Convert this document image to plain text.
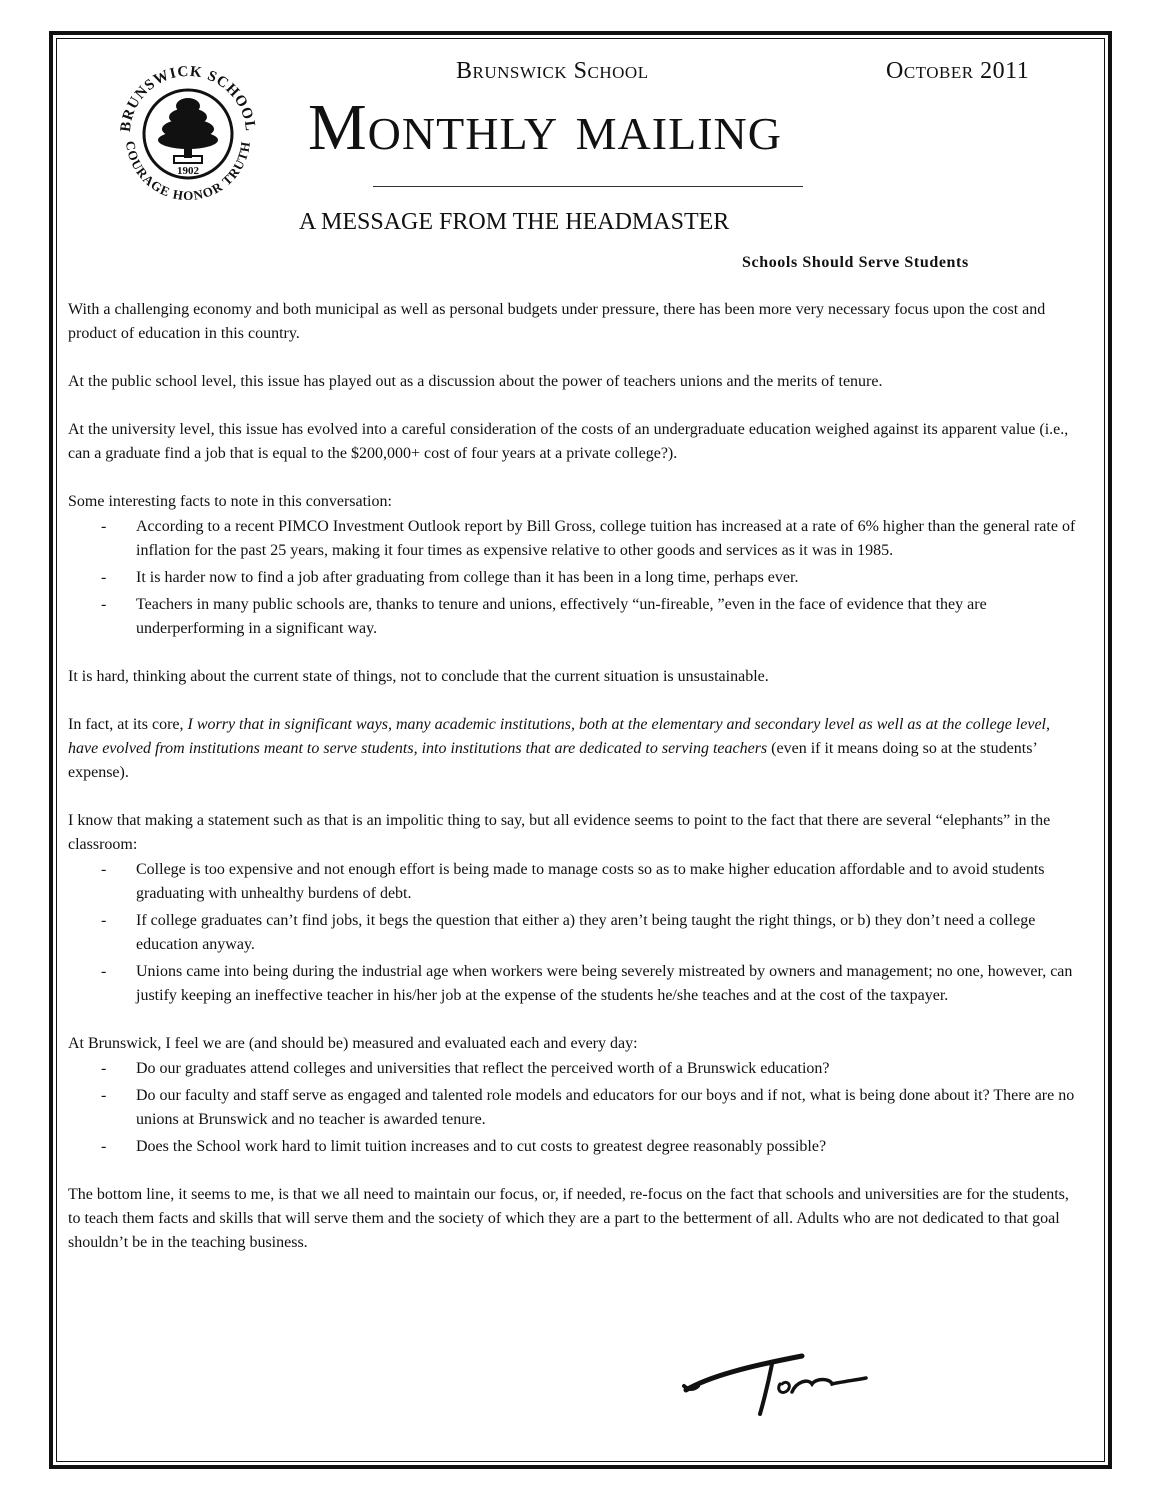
BRUNSWICK SCHOOL
COURAGE HONOR TRUTH
1902
Brunswick School	October 2011
Monthly mailing
A MESSAGE FROM THE HEADMASTER
Schools Should Serve Students

With a challenging economy and both municipal as well as personal budgets under pressure, there has been more very necessary focus upon the cost and product of education in this country.

At the public school level, this issue has played out as a discussion about the power of teachers unions and the merits of tenure.

At the university level, this issue has evolved into a careful consideration of the costs of an undergraduate education weighed against its apparent value (i.e., can a graduate find a job that is equal to the $200,000+ cost of four years at a private college?).

Some interesting facts to note in this conversation:

- According to a recent PIMCO Investment Outlook report by Bill Gross, college tuition has increased at a rate of 6% higher than the general rate of inflation for the past 25 years, making it four times as expensive relative to other goods and services as it was in 1985.
- It is harder now to find a job after graduating from college than it has been in a long time, perhaps ever.
- Teachers in many public schools are, thanks to tenure and unions, effectively “un-fireable, ”even in the face of evidence that they are underperforming in a significant way.

It is hard, thinking about the current state of things, not to conclude that the current situation is unsustainable.

In fact, at its core, I worry that in significant ways, many academic institutions, both at the elementary and secondary level as well as at the college level, have evolved from institutions meant to serve students, into institutions that are dedicated to serving teachers (even if it means doing so at the students’ expense).

I know that making a statement such as that is an impolitic thing to say, but all evidence seems to point to the fact that there are several “elephants” in the classroom:

- College is too expensive and not enough effort is being made to manage costs so as to make higher education affordable and to avoid students graduating with unhealthy burdens of debt.
- If college graduates can’t find jobs, it begs the question that either a) they aren’t being taught the right things, or b) they don’t need a college education anyway.
- Unions came into being during the industrial age when workers were being severely mistreated by owners and management; no one, however, can justify keeping an ineffective teacher in his/her job at the expense of the students he/she teaches and at the cost of the taxpayer.

At Brunswick, I feel we are (and should be) measured and evaluated each and every day:

- Do our graduates attend colleges and universities that reflect the perceived worth of a Brunswick education?
- Do our faculty and staff serve as engaged and talented role models and educators for our boys and if not, what is being done about it? There are no unions at Brunswick and no teacher is awarded tenure.
- Does the School work hard to limit tuition increases and to cut costs to greatest degree reasonably possible?

The bottom line, it seems to me, is that we all need to maintain our focus, or, if needed, re-focus on the fact that schools and universities are for the students, to teach them facts and skills that will serve them and the society of which they are a part to the betterment of all. Adults who are not dedicated to that goal shouldn’t be in the teaching business.
